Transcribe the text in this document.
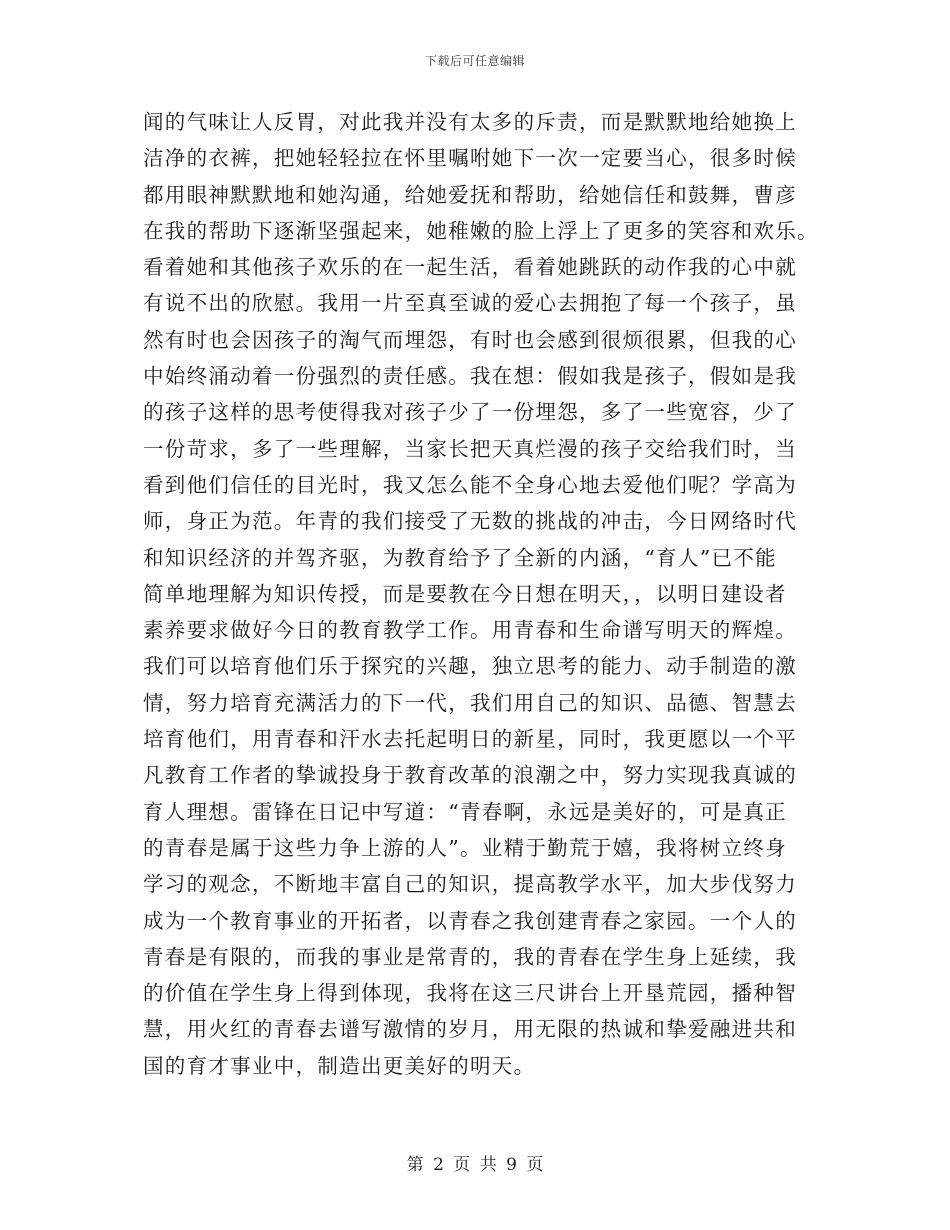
下载后可任意编辑
闻的气味让人反胃，对此我并没有太多的斥责，而是默默地给她换上
洁净的衣裤，把她轻轻拉在怀里嘱咐她下一次一定要当心，很多时候
都用眼神默默地和她沟通，给她爱抚和帮助，给她信任和鼓舞，曹彦
在我的帮助下逐渐坚强起来，她稚嫩的脸上浮上了更多的笑容和欢乐。
看着她和其他孩子欢乐的在一起生活，看着她跳跃的动作我的心中就
有说不出的欣慰。我用一片至真至诚的爱心去拥抱了每一个孩子，虽
然有时也会因孩子的淘气而埋怨，有时也会感到很烦很累，但我的心
中始终涌动着一份强烈的责任感。我在想：假如我是孩子，假如是我
的孩子这样的思考使得我对孩子少了一份埋怨，多了一些宽容，少了
一份苛求，多了一些理解，当家长把天真烂漫的孩子交给我们时，当
看到他们信任的目光时，我又怎么能不全身心地去爱他们呢？学高为
师，身正为范。年青的我们接受了无数的挑战的冲击，今日网络时代
和知识经济的并驾齐驱，为教育给予了全新的内涵，“育人”已不能
简单地理解为知识传授，而是要教在今日想在明天，，以明日建设者
素养要求做好今日的教育教学工作。用青春和生命谱写明天的辉煌。
我们可以培育他们乐于探究的兴趣，独立思考的能力、动手制造的激
情，努力培育充满活力的下一代，我们用自己的知识、品德、智慧去
培育他们，用青春和汗水去托起明日的新星，同时，我更愿以一个平
凡教育工作者的挚诚投身于教育改革的浪潮之中，努力实现我真诚的
育人理想。雷锋在日记中写道：“青春啊，永远是美好的，可是真正
的青春是属于这些力争上游的人”。业精于勤荒于嬉，我将树立终身
学习的观念，不断地丰富自己的知识，提高教学水平，加大步伐努力
成为一个教育事业的开拓者，以青春之我创建青春之家园。一个人的
青春是有限的，而我的事业是常青的，我的青春在学生身上延续，我
的价值在学生身上得到体现，我将在这三尺讲台上开垦荒园，播种智
慧，用火红的青春去谱写激情的岁月，用无限的热诚和挚爱融进共和
国的育才事业中，制造出更美好的明天。
第 2 页 共 9 页
